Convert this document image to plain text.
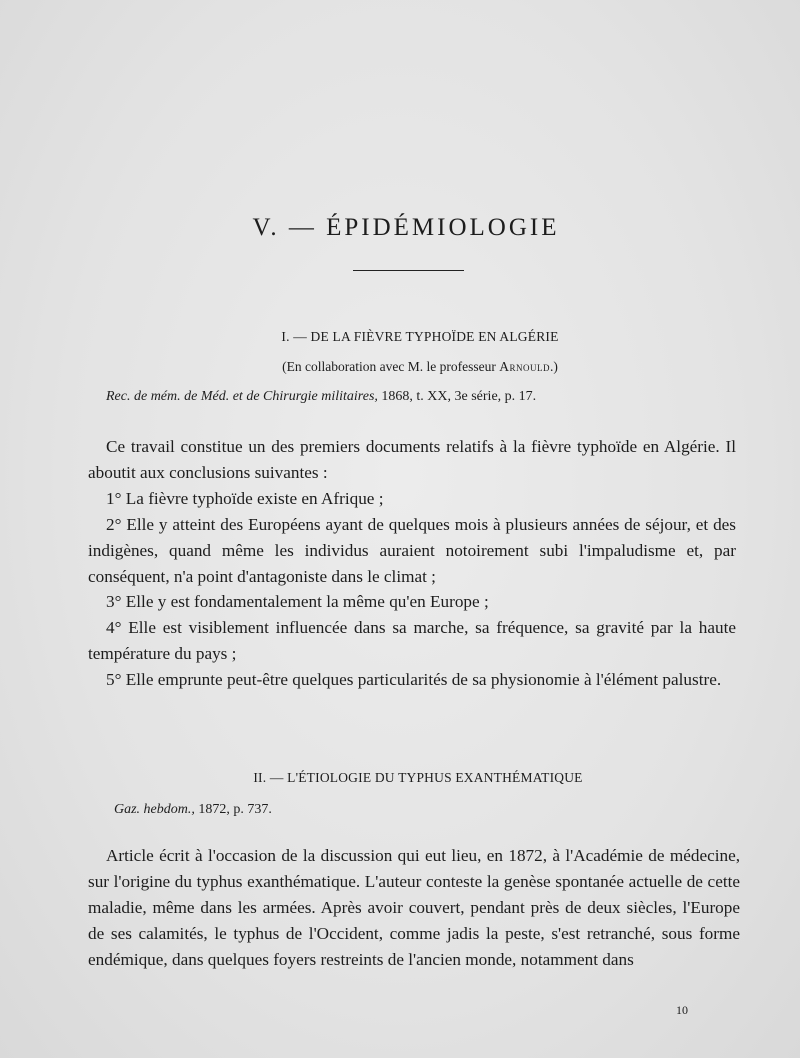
V. — ÉPIDÉMIOLOGIE
I. — DE LA FIÈVRE TYPHOÏDE EN ALGÉRIE
(En collaboration avec M. le professeur Arnould.)
Rec. de mém. de Méd. et de Chirurgie militaires, 1868, t. XX, 3e série, p. 17.

Ce travail constitue un des premiers documents relatifs à la fièvre typhoïde en Algérie. Il aboutit aux conclusions suivantes :

1° La fièvre typhoïde existe en Afrique ;

2° Elle y atteint des Européens ayant de quelques mois à plusieurs années de séjour, et des indigènes, quand même les individus auraient notoirement subi l'impaludisme et, par conséquent, n'a point d'antagoniste dans le climat ;

3° Elle y est fondamentalement la même qu'en Europe ;

4° Elle est visiblement influencée dans sa marche, sa fréquence, sa gravité par la haute température du pays ;

5° Elle emprunte peut-être quelques particularités de sa physionomie à l'élément palustre.

II. — L'ÉTIOLOGIE DU TYPHUS EXANTHÉMATIQUE
Gaz. hebdom., 1872, p. 737.

Article écrit à l'occasion de la discussion qui eut lieu, en 1872, à l'Académie de médecine, sur l'origine du typhus exanthématique. L'auteur conteste la genèse spontanée actuelle de cette maladie, même dans les armées. Après avoir couvert, pendant près de deux siècles, l'Europe de ses calamités, le typhus de l'Occident, comme jadis la peste, s'est retranché, sous forme endémique, dans quelques foyers restreints de l'ancien monde, notamment dans

10
